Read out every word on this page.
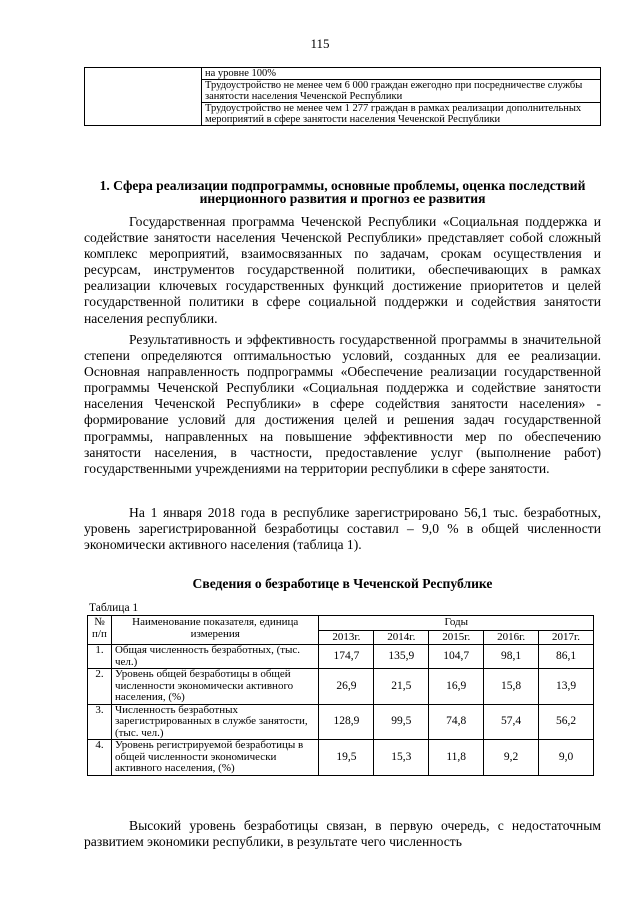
115
	на уровне 100%
Трудоустройство не менее чем 6 000 граждан ежегодно при посредничестве службы занятости населения Чеченской Республики
Трудоустройство не менее чем 1 277 граждан в рамках реализации дополнительных мероприятий в сфере занятости населения Чеченской Республики
1. Сфера реализации подпрограммы, основные проблемы, оценка последствий инерционного развития и прогноз ее развития

Государственная программа Чеченской Республики «Социальная поддержка и содействие занятости населения Чеченской Республики» представляет собой сложный комплекс мероприятий, взаимосвязанных по задачам, срокам осуществления и ресурсам, инструментов государственной политики, обеспечивающих в рамках реализации ключевых государственных функций достижение приоритетов и целей государственной политики в сфере социальной поддержки и содействия занятости населения республики.

Результативность и эффективность государственной программы в значительной степени определяются оптимальностью условий, созданных для ее реализации. Основная направленность подпрограммы «Обеспечение реализации государственной программы Чеченской Республики «Социальная поддержка и содействие занятости населения Чеченской Республики» в сфере содействия занятости населения» - формирование условий для достижения целей и решения задач государственной программы, направленных на повышение эффективности мер по обеспечению занятости населения, в частности, предоставление услуг (выполнение работ) государственными учреждениями на территории республики в сфере занятости.

На 1 января 2018 года в республике зарегистрировано 56,1 тыс. безработных, уровень зарегистрированной безработицы составил – 9,0 % в общей численности экономически активного населения (таблица 1).

Сведения о безработице в Чеченской Республике
Таблица 1
№ п/п	Наименование показателя, единица измерения	Годы				
		2013г.	2014г.	2015г.	2016г.	2017г.
1.	Общая численность безработных, (тыс. чел.)	174,7	135,9	104,7	98,1	86,1
2.	Уровень общей безработицы в общей численности экономически активного населения, (%)	26,9	21,5	16,9	15,8	13,9
3.	Численность безработных зарегистрированных в службе занятости, (тыс. чел.)	128,9	99,5	74,8	57,4	56,2
4.	Уровень регистрируемой безработицы в общей численности экономически активного населения, (%)	19,5	15,3	11,8	9,2	9,0

Высокий уровень безработицы связан, в первую очередь, с недостаточным развитием экономики республики, в результате чего численность
